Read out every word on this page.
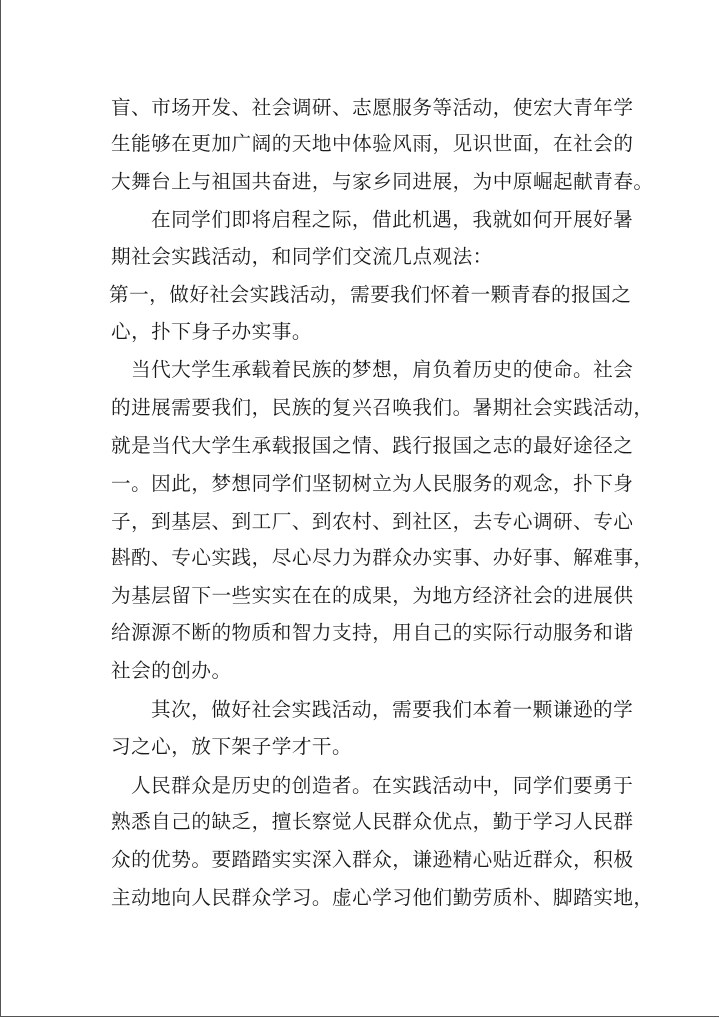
盲、市场开发、社会调研、志愿服务等活动，使宏大青年学
生能够在更加广阔的天地中体验风雨，见识世面，在社会的
大舞台上与祖国共奋进，与家乡同进展，为中原崛起献青春。
在同学们即将启程之际，借此机遇，我就如何开展好暑
期社会实践活动，和同学们交流几点观法：
第一，做好社会实践活动，需要我们怀着一颗青春的报国之
心，扑下身子办实事。
当代大学生承载着民族的梦想，肩负着历史的使命。社会
的进展需要我们，民族的复兴召唤我们。暑期社会实践活动，
就是当代大学生承载报国之情、践行报国之志的最好途径之
一。因此，梦想同学们坚韧树立为人民服务的观念，扑下身
子，到基层、到工厂、到农村、到社区，去专心调研、专心
斟酌、专心实践，尽心尽力为群众办实事、办好事、解难事，
为基层留下一些实实在在的成果，为地方经济社会的进展供
给源源不断的物质和智力支持，用自己的实际行动服务和谐
社会的创办。
其次，做好社会实践活动，需要我们本着一颗谦逊的学
习之心，放下架子学才干。
人民群众是历史的创造者。在实践活动中，同学们要勇于
熟悉自己的缺乏，擅长察觉人民群众优点，勤于学习人民群
众的优势。要踏踏实实深入群众，谦逊精心贴近群众，积极
主动地向人民群众学习。虚心学习他们勤劳质朴、脚踏实地，
